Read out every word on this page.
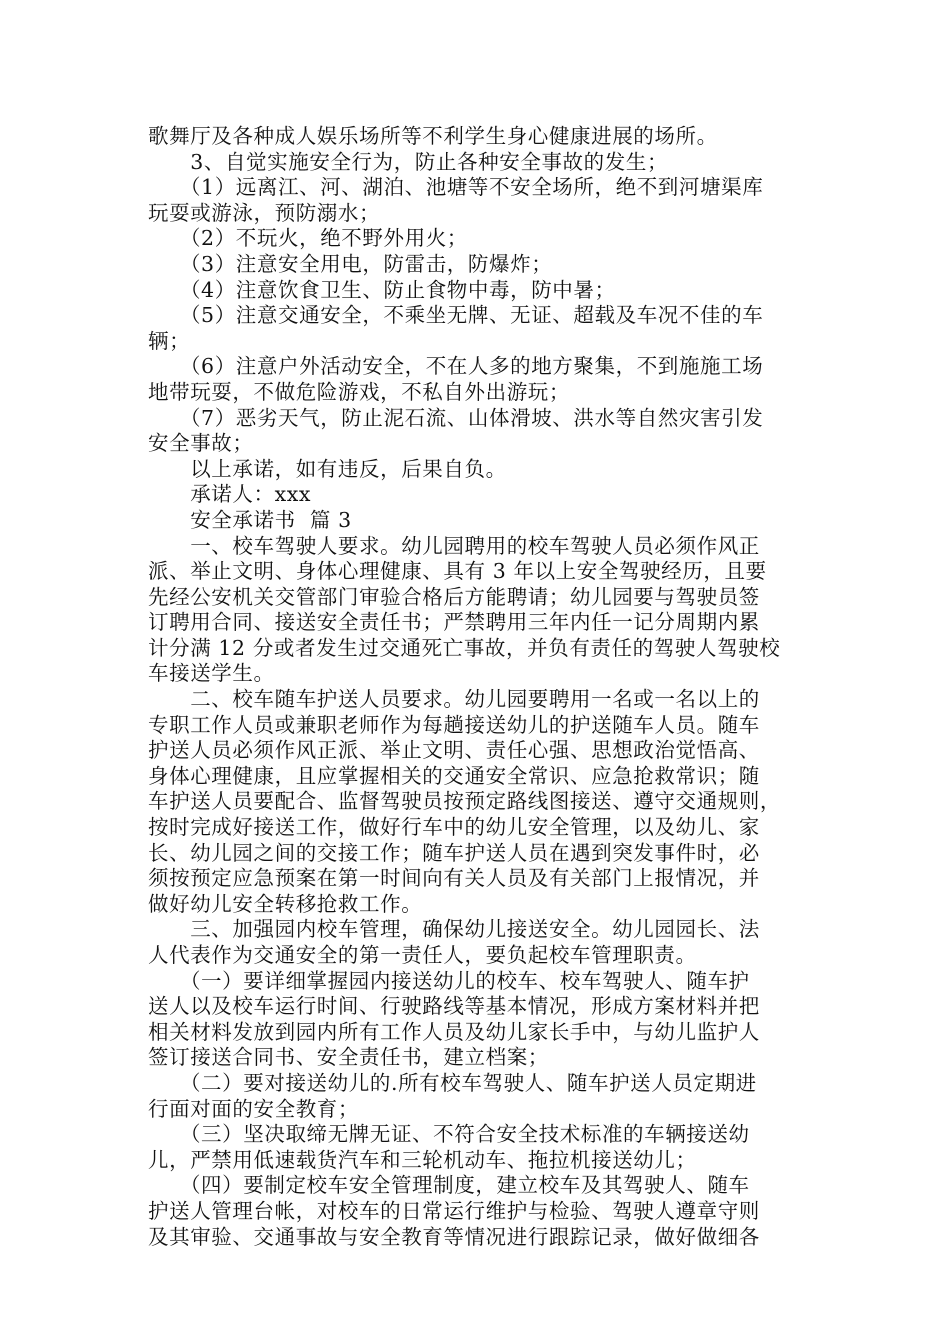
歌舞厅及各种成人娱乐场所等不利学生身心健康进展的场所。
　　3、自觉实施安全行为，防止各种安全事故的发生；
　　（1）远离江、河、湖泊、池塘等不安全场所，绝不到河塘渠库
玩耍或游泳，预防溺水；
　　（2）不玩火，绝不野外用火；
　　（3）注意安全用电，防雷击，防爆炸；
　　（4）注意饮食卫生、防止食物中毒，防中暑；
　　（5）注意交通安全，不乘坐无牌、无证、超载及车况不佳的车
辆；
　　（6）注意户外活动安全，不在人多的地方聚集，不到施施工场
地带玩耍，不做危险游戏，不私自外出游玩；
　　（7）恶劣天气，防止泥石流、山体滑坡、洪水等自然灾害引发
安全事故；
　　以上承诺，如有违反，后果自负。
　　承诺人：xxx
　　安全承诺书  篇 3
　　一、校车驾驶人要求。幼儿园聘用的校车驾驶人员必须作风正
派、举止文明、身体心理健康、具有 3 年以上安全驾驶经历，且要
先经公安机关交管部门审验合格后方能聘请；幼儿园要与驾驶员签
订聘用合同、接送安全责任书；严禁聘用三年内任一记分周期内累
计分满 12 分或者发生过交通死亡事故，并负有责任的驾驶人驾驶校
车接送学生。
　　二、校车随车护送人员要求。幼儿园要聘用一名或一名以上的
专职工作人员或兼职老师作为每趟接送幼儿的护送随车人员。随车
护送人员必须作风正派、举止文明、责任心强、思想政治觉悟高、
身体心理健康，且应掌握相关的交通安全常识、应急抢救常识；随
车护送人员要配合、监督驾驶员按预定路线图接送、遵守交通规则，
按时完成好接送工作，做好行车中的幼儿安全管理，以及幼儿、家
长、幼儿园之间的交接工作；随车护送人员在遇到突发事件时，必
须按预定应急预案在第一时间向有关人员及有关部门上报情况，并
做好幼儿安全转移抢救工作。
　　三、加强园内校车管理，确保幼儿接送安全。幼儿园园长、法
人代表作为交通安全的第一责任人，要负起校车管理职责。
　　（一）要详细掌握园内接送幼儿的校车、校车驾驶人、随车护
送人以及校车运行时间、行驶路线等基本情况，形成方案材料并把
相关材料发放到园内所有工作人员及幼儿家长手中，与幼儿监护人
签订接送合同书、安全责任书，建立档案；
　　（二）要对接送幼儿的.所有校车驾驶人、随车护送人员定期进
行面对面的安全教育；
　　（三）坚决取缔无牌无证、不符合安全技术标准的车辆接送幼
儿，严禁用低速载货汽车和三轮机动车、拖拉机接送幼儿；
　　（四）要制定校车安全管理制度，建立校车及其驾驶人、随车
护送人管理台帐，对校车的日常运行维护与检验、驾驶人遵章守则
及其审验、交通事故与安全教育等情况进行跟踪记录，做好做细各
